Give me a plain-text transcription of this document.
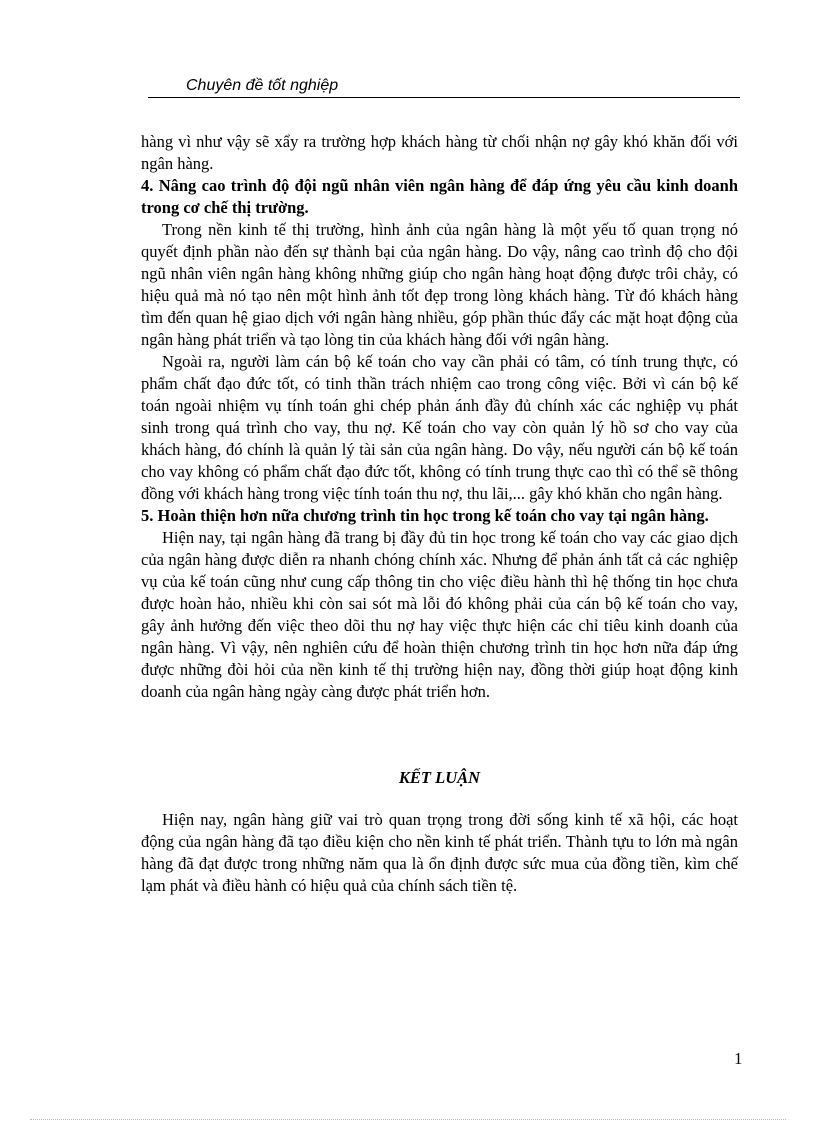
Chuyên đề tốt nghiệp

hàng vì như vậy sẽ xẩy ra trường hợp khách hàng từ chối nhận nợ gây khó khăn đối với ngân hàng.

4. Nâng cao trình độ đội ngũ nhân viên ngân hàng để đáp ứng yêu cầu kinh doanh trong cơ chế thị trường.

Trong nền kinh tế thị trường, hình ảnh của ngân hàng là một yếu tố quan trọng nó quyết định phần nào đến sự thành bại của ngân hàng. Do vậy, nâng cao trình độ cho đội ngũ nhân viên ngân hàng không những giúp cho ngân hàng hoạt động được trôi chảy, có hiệu quả mà nó tạo nên một hình ảnh tốt đẹp trong lòng khách hàng. Từ đó khách hàng tìm đến quan hệ giao dịch với ngân hàng nhiều, góp phần thúc đẩy các mặt hoạt động của ngân hàng phát triển và tạo lòng tin của khách hàng đối với ngân hàng.

Ngoài ra, người làm cán bộ kế toán cho vay cần phải có tâm, có tính trung thực, có phẩm chất đạo đức tốt, có tinh thần trách nhiệm cao trong công việc. Bởi vì cán bộ kế toán ngoài nhiệm vụ tính toán ghi chép phản ánh đầy đủ chính xác các nghiệp vụ phát sinh trong quá trình cho vay, thu nợ. Kế toán cho vay còn quản lý hồ sơ cho vay của khách hàng, đó chính là quản lý tài sản của ngân hàng. Do vậy, nếu người cán bộ kế toán cho vay không có phẩm chất đạo đức tốt, không có tính trung thực cao thì có thể sẽ thông đồng với khách hàng trong việc tính toán thu nợ, thu lãi,... gây khó khăn cho ngân hàng.

5. Hoàn thiện hơn nữa chương trình tin học trong kế toán cho vay tại ngân hàng.

Hiện nay, tại ngân hàng đã trang bị đầy đủ tin học trong kế toán cho vay các giao dịch của ngân hàng được diễn ra nhanh chóng chính xác. Nhưng để phản ánh tất cả các nghiệp vụ của kế toán cũng như cung cấp thông tin cho việc điều hành thì hệ thống tin học chưa được hoàn hảo, nhiều khi còn sai sót mà lỗi đó không phải của cán bộ kế toán cho vay, gây ảnh hưởng đến việc theo dõi thu nợ hay việc thực hiện các chỉ tiêu kinh doanh của ngân hàng. Vì vậy, nên nghiên cứu để hoàn thiện chương trình tin học hơn nữa đáp ứng được những đòi hỏi của nền kinh tế thị trường hiện nay, đồng thời giúp hoạt động kinh doanh của ngân hàng ngày càng được phát triển hơn.

KẾT LUẬN

Hiện nay, ngân hàng giữ vai trò quan trọng trong đời sống kinh tế xã hội, các hoạt động của ngân hàng đã tạo điều kiện cho nền kinh tế phát triển. Thành tựu to lớn mà ngân hàng đã đạt được trong những năm qua là ổn định được sức mua của đồng tiền, kìm chế lạm phát và điều hành có hiệu quả của chính sách tiền tệ.

1
